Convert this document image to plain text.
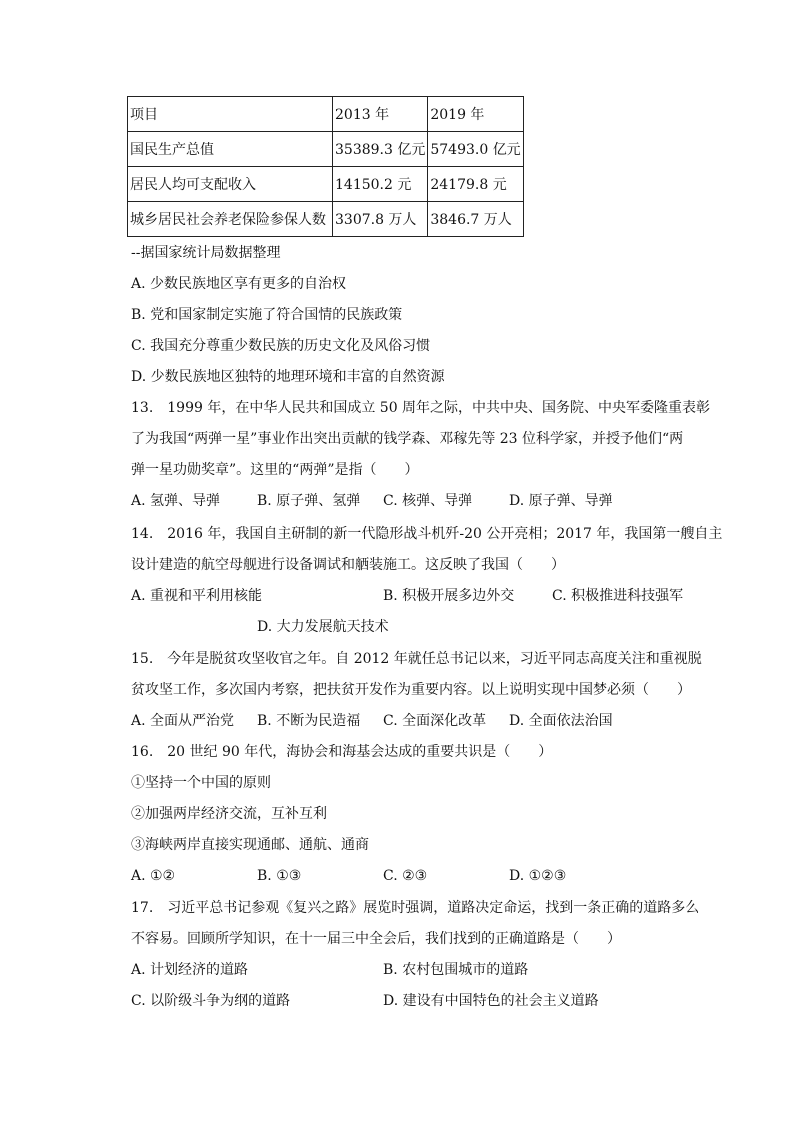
项目	2013 年	2019 年
国民生产总值	35389.3 亿元	57493.0 亿元
居民人均可支配收入	14150.2 元	24179.8 元
城乡居民社会养老保险参保人数	3307.8 万人	3846.7 万人
--据国家统计局数据整理
A. 少数民族地区享有更多的自治权
B. 党和国家制定实施了符合国情的民族政策
C. 我国充分尊重少数民族的历史文化及风俗习惯
D. 少数民族地区独特的地理环境和丰富的自然资源
13.　1999 年，在中华人民共和国成立 50 周年之际，中共中央、国务院、中央军委隆重表彰
了为我国“两弹一星”事业作出突出贡献的钱学森、邓稼先等 23 位科学家，并授予他们“两
弹一星功勋奖章”。这里的“两弹”是指（　　）
A. 氢弹、导弹	B. 原子弹、氢弹 C. 核弹、导弹	D. 原子弹、导弹
14.　2016 年，我国自主研制的新一代隐形战斗机歼-20 公开亮相；2017 年，我国第一艘自主
设计建造的航空母舰进行设备调试和舾装施工。这反映了我国（　　）
A. 重视和平利用核能	B. 积极开展多边外交	C. 积极推进科技强军
D. 大力发展航天技术
15.　今年是脱贫攻坚收官之年。自 2012 年就任总书记以来，习近平同志高度关注和重视脱
贫攻坚工作，多次国内考察，把扶贫开发作为重要内容。以上说明实现中国梦必须（　　）
A. 全面从严治党 B. 不断为民造福 C. 全面深化改革 D. 全面依法治国
16.　20 世纪 90 年代，海协会和海基会达成的重要共识是（　　）
①坚持一个中国的原则
②加强两岸经济交流，互补互利
③海峡两岸直接实现通邮、通航、通商
A. ①②	B. ①③	C. ②③	D. ①②③
17.　习近平总书记参观《复兴之路》展览时强调，道路决定命运，找到一条正确的道路多么
不容易。回顾所学知识，在十一届三中全会后，我们找到的正确道路是（　　）
A. 计划经济的道路	B. 农村包围城市的道路
C. 以阶级斗争为纲的道路	D. 建设有中国特色的社会主义道路
